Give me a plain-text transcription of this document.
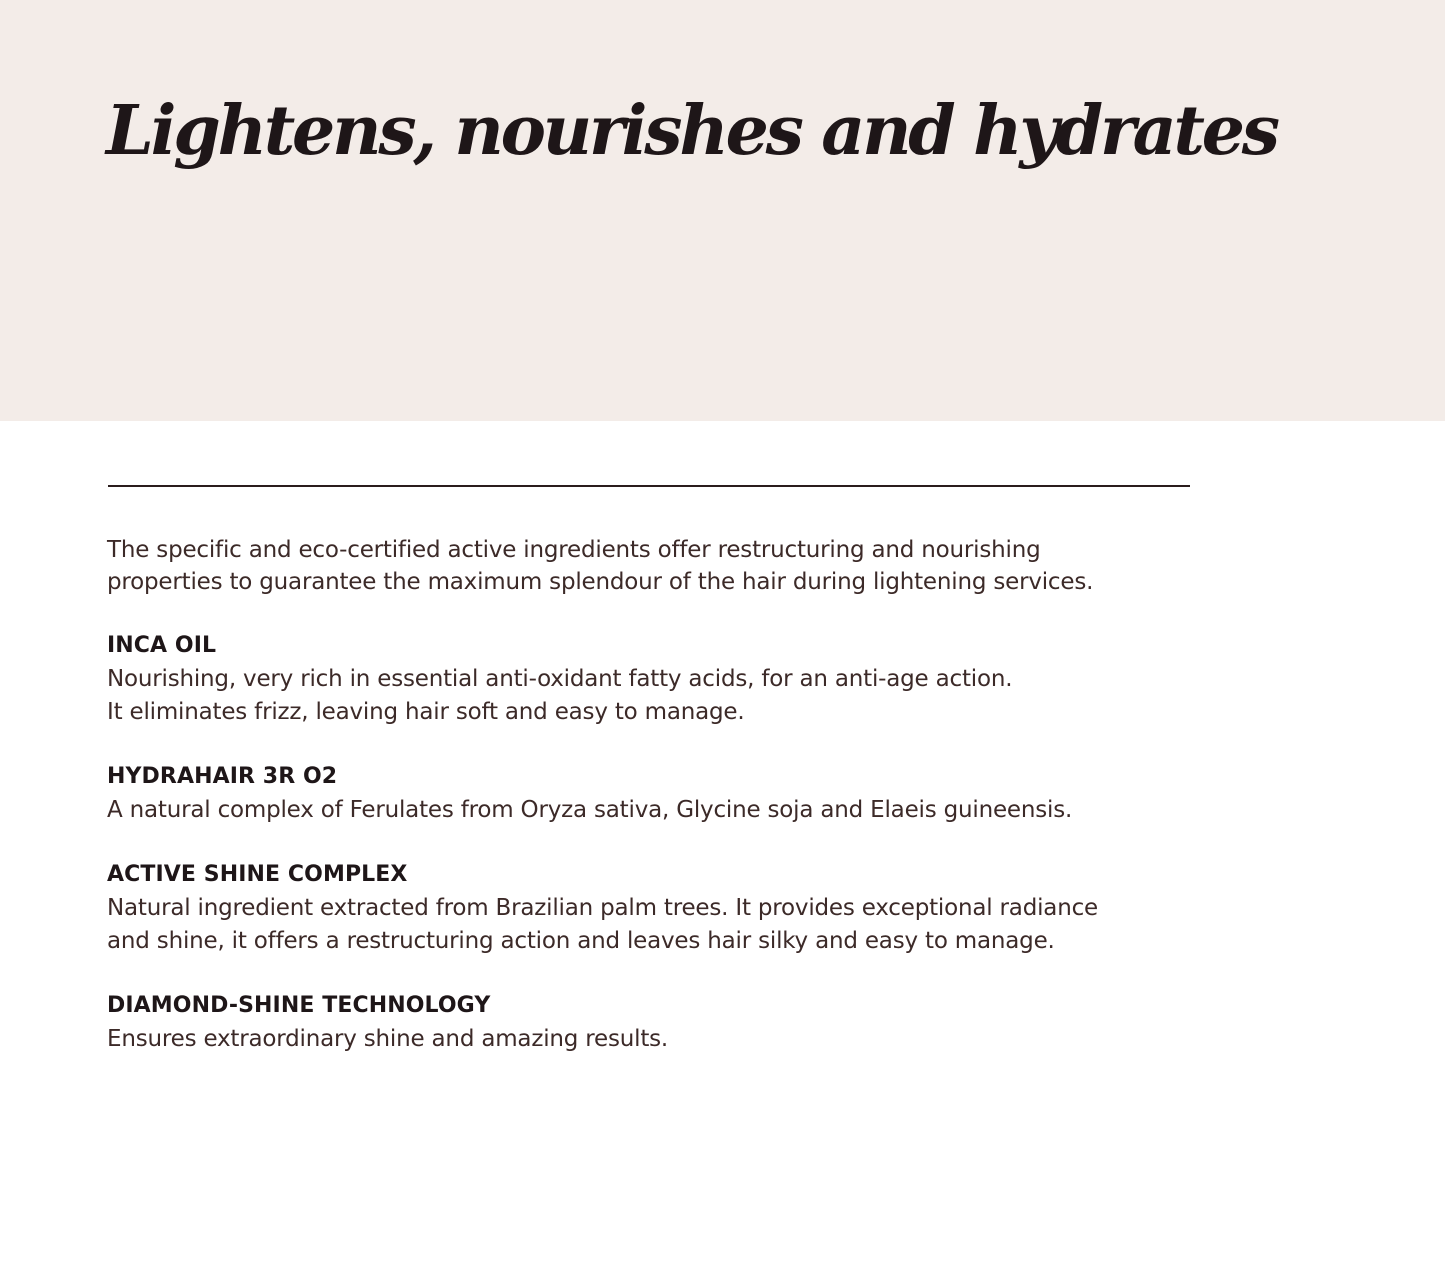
Lightens, nourishes and hydrates

The specific and eco-certified active ingredients offer restructuring and nourishing
properties to guarantee the maximum splendour of the hair during lightening services.

INCA OIL

Nourishing, very rich in essential anti-oxidant fatty acids, for an anti-age action.
It eliminates frizz, leaving hair soft and easy to manage.

HYDRAHAIR 3R O2

A natural complex of Ferulates from Oryza sativa, Glycine soja and Elaeis guineensis.

ACTIVE SHINE COMPLEX

Natural ingredient extracted from Brazilian palm trees. It provides exceptional radiance
and shine, it offers a restructuring action and leaves hair silky and easy to manage.

DIAMOND-SHINE TECHNOLOGY

Ensures extraordinary shine and amazing results.
